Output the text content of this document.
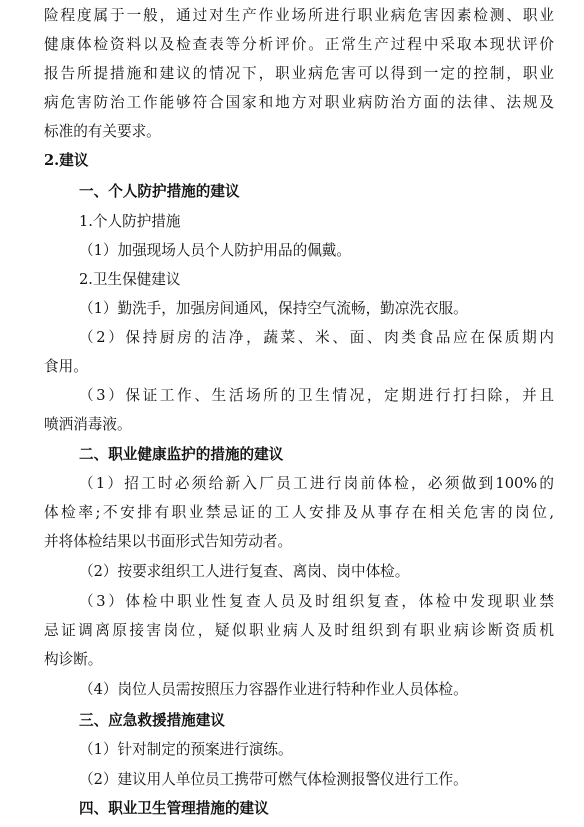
险程度属于一般，通过对生产作业场所进行职业病危害因素检测、职业
健康体检资料以及检查表等分析评价。正常生产过程中采取本现状评价
报告所提措施和建议的情况下，职业病危害可以得到一定的控制，职业
病危害防治工作能够符合国家和地方对职业病防治方面的法律、法规及
标准的有关要求。
2.建议
一、个人防护措施的建议
1.个人防护措施
（1）加强现场人员个人防护用品的佩戴。
2.卫生保健建议
（1）勤洗手，加强房间通风，保持空气流畅，勤凉洗衣服。
（2）保持厨房的洁净，蔬菜、米、面、肉类食品应在保质期内
食用。
（3）保证工作、生活场所的卫生情况，定期进行打扫除，并且
喷洒消毒液。
二、职业健康监护的措施的建议
（1）招工时必须给新入厂员工进行岗前体检，必须做到100%的
体检率;不安排有职业禁忌证的工人安排及从事存在相关危害的岗位,
并将体检结果以书面形式告知劳动者。
（2）按要求组织工人进行复查、离岗、岗中体检。
（3）体检中职业性复查人员及时组织复查，体检中发现职业禁
忌证调离原接害岗位，疑似职业病人及时组织到有职业病诊断资质机
构诊断。
（4）岗位人员需按照压力容器作业进行特种作业人员体检。
三、应急救援措施建议
（1）针对制定的预案进行演练。
（2）建议用人单位员工携带可燃气体检测报警仪进行工作。
四、职业卫生管理措施的建议
